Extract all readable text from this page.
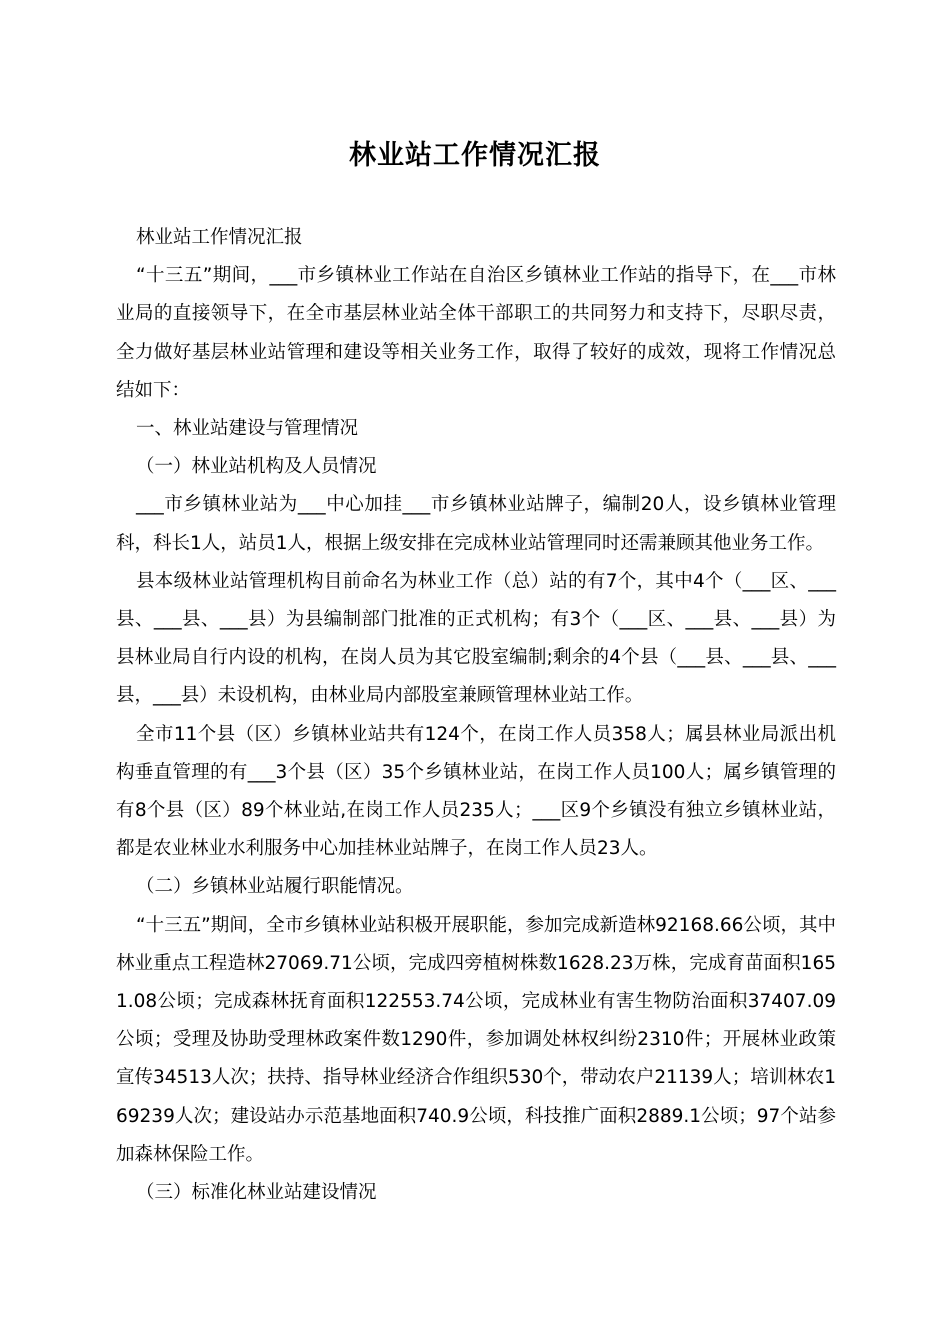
林业站工作情况汇报

林业站工作情况汇报

“十三五”期间，___市乡镇林业工作站在自治区乡镇林业工作站的指导下，在___市林业局的直接领导下，在全市基层林业站全体干部职工的共同努力和支持下，尽职尽责，全力做好基层林业站管理和建设等相关业务工作，取得了较好的成效，现将工作情况总结如下：

一、林业站建设与管理情况

（一）林业站机构及人员情况

___市乡镇林业站为___中心加挂___市乡镇林业站牌子，编制20人，设乡镇林业管理科，科长1人，站员1人，根据上级安排在完成林业站管理同时还需兼顾其他业务工作。

县本级林业站管理机构目前命名为林业工作（总）站的有7个，其中4个（___区、___县、___县、___县）为县编制部门批准的正式机构；有3个（___区、___县、___县）为县林业局自行内设的机构，在岗人员为其它股室编制;剩余的4个县（___县、___县、___县，___县）未设机构，由林业局内部股室兼顾管理林业站工作。

全市11个县（区）乡镇林业站共有124个，在岗工作人员358人；属县林业局派出机构垂直管理的有___3个县（区）35个乡镇林业站，在岗工作人员100人；属乡镇管理的有8个县（区）89个林业站,在岗工作人员235人；___区9个乡镇没有独立乡镇林业站，都是农业林业水利服务中心加挂林业站牌子，在岗工作人员23人。

（二）乡镇林业站履行职能情况。

“十三五”期间，全市乡镇林业站积极开展职能，参加完成新造林92168.66公顷，其中林业重点工程造林27069.71公顷，完成四旁植树株数1628.23万株，完成育苗面积1651.08公顷；完成森林抚育面积122553.74公顷，完成林业有害生物防治面积37407.09公顷；受理及协助受理林政案件数1290件，参加调处林权纠纷2310件；开展林业政策宣传34513人次；扶持、指导林业经济合作组织530个，带动农户21139人；培训林农169239人次；建设站办示范基地面积740.9公顷，科技推广面积2889.1公顷；97个站参加森林保险工作。

（三）标准化林业站建设情况
